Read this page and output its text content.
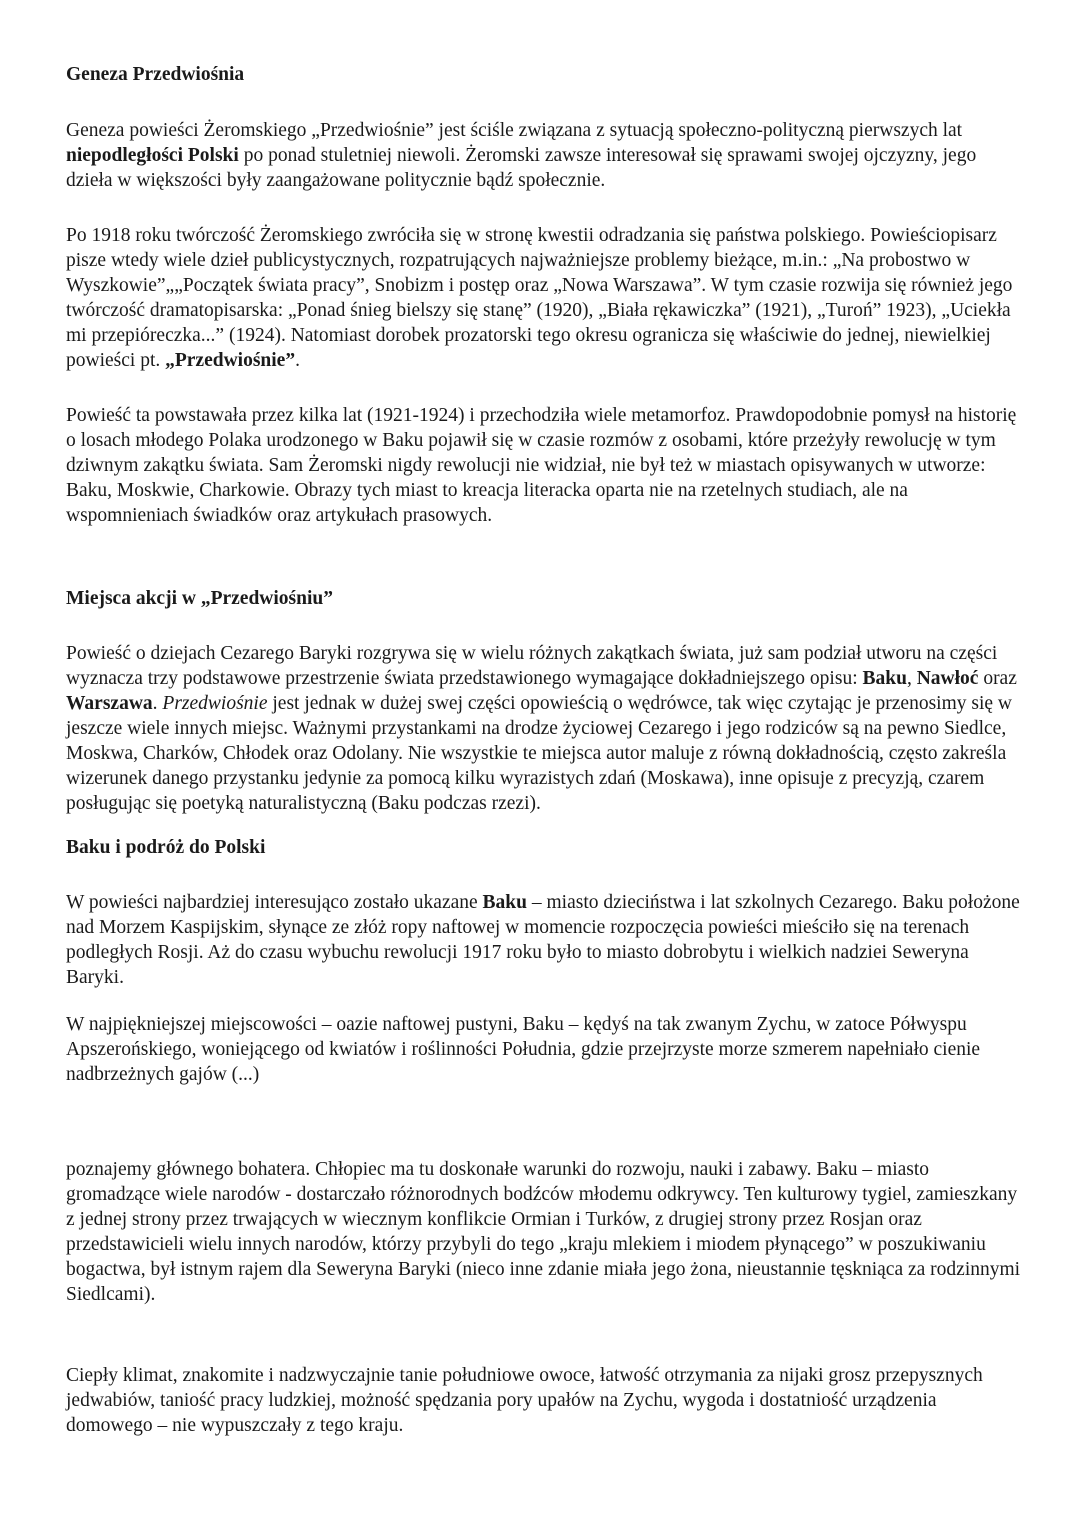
Geneza Przedwiośnia

Geneza powieści Żeromskiego „Przedwiośnie” jest ściśle związana z sytuacją społeczno-polityczną pierwszych lat niepodległości Polski po ponad stuletniej niewoli. Żeromski zawsze interesował się sprawami swojej ojczyzny, jego dzieła w większości były zaangażowane politycznie bądź społecznie.

Po 1918 roku twórczość Żeromskiego zwróciła się w stronę kwestii odradzania się państwa polskiego. Powieściopisarz pisze wtedy wiele dzieł publicystycznych, rozpatrujących najważniejsze problemy bieżące, m.in.: „Na probostwo w Wyszkowie”„„Początek świata pracy”, Snobizm i postęp oraz „Nowa Warszawa”. W tym czasie rozwija się również jego twórczość dramatopisarska: „Ponad śnieg bielszy się stanę” (1920), „Biała rękawiczka” (1921), „Turoń” 1923), „Uciekła mi przepióreczka...” (1924). Natomiast dorobek prozatorski tego okresu ogranicza się właściwie do jednej, niewielkiej powieści pt. „Przedwiośnie”.

Powieść ta powstawała przez kilka lat (1921-1924) i przechodziła wiele metamorfoz. Prawdopodobnie pomysł na historię o losach młodego Polaka urodzonego w Baku pojawił się w czasie rozmów z osobami, które przeżyły rewolucję w tym dziwnym zakątku świata. Sam Żeromski nigdy rewolucji nie widział, nie był też w miastach opisywanych w utworze: Baku, Moskwie, Charkowie. Obrazy tych miast to kreacja literacka oparta nie na rzetelnych studiach, ale na wspomnieniach świadków oraz artykułach prasowych.

Miejsca akcji w „Przedwiośniu”

Powieść o dziejach Cezarego Baryki rozgrywa się w wielu różnych zakątkach świata, już sam podział utworu na części wyznacza trzy podstawowe przestrzenie świata przedstawionego wymagające dokładniejszego opisu: Baku, Nawłoć oraz Warszawa. Przedwiośnie jest jednak w dużej swej części opowieścią o wędrówce, tak więc czytając je przenosimy się w jeszcze wiele innych miejsc. Ważnymi przystankami na drodze życiowej Cezarego i jego rodziców są na pewno Siedlce, Moskwa, Charków, Chłodek oraz Odolany. Nie wszystkie te miejsca autor maluje z równą dokładnością, często zakreśla wizerunek danego przystanku jedynie za pomocą kilku wyrazistych zdań (Moskawa), inne opisuje z precyzją, czarem posługując się poetyką naturalistyczną (Baku podczas rzezi).

Baku i podróż do Polski

W powieści najbardziej interesująco zostało ukazane Baku – miasto dzieciństwa i lat szkolnych Cezarego. Baku położone nad Morzem Kaspijskim, słynące ze złóż ropy naftowej w momencie rozpoczęcia powieści mieściło się na terenach podległych Rosji. Aż do czasu wybuchu rewolucji 1917 roku było to miasto dobrobytu i wielkich nadziei Seweryna Baryki.

W najpiękniejszej miejscowości – oazie naftowej pustyni, Baku – kędyś na tak zwanym Zychu, w zatoce Półwyspu Apszerońskiego, woniejącego od kwiatów i roślinności Południa, gdzie przejrzyste morze szmerem napełniało cienie nadbrzeżnych gajów (...)

poznajemy głównego bohatera. Chłopiec ma tu doskonałe warunki do rozwoju, nauki i zabawy. Baku – miasto gromadzące wiele narodów - dostarczało różnorodnych bodźców młodemu odkrywcy. Ten kulturowy tygiel, zamieszkany z jednej strony przez trwających w wiecznym konflikcie Ormian i Turków, z drugiej strony przez Rosjan oraz przedstawicieli wielu innych narodów, którzy przybyli do tego „kraju mlekiem i miodem płynącego” w poszukiwaniu bogactwa, był istnym rajem dla Seweryna Baryki (nieco inne zdanie miała jego żona, nieustannie tęskniąca za rodzinnymi Siedlcami).

Ciepły klimat, znakomite i nadzwyczajnie tanie południowe owoce, łatwość otrzymania za nijaki grosz przepysznych jedwabiów, taniość pracy ludzkiej, możność spędzania pory upałów na Zychu, wygoda i dostatniość urządzenia domowego – nie wypuszczały z tego kraju.
